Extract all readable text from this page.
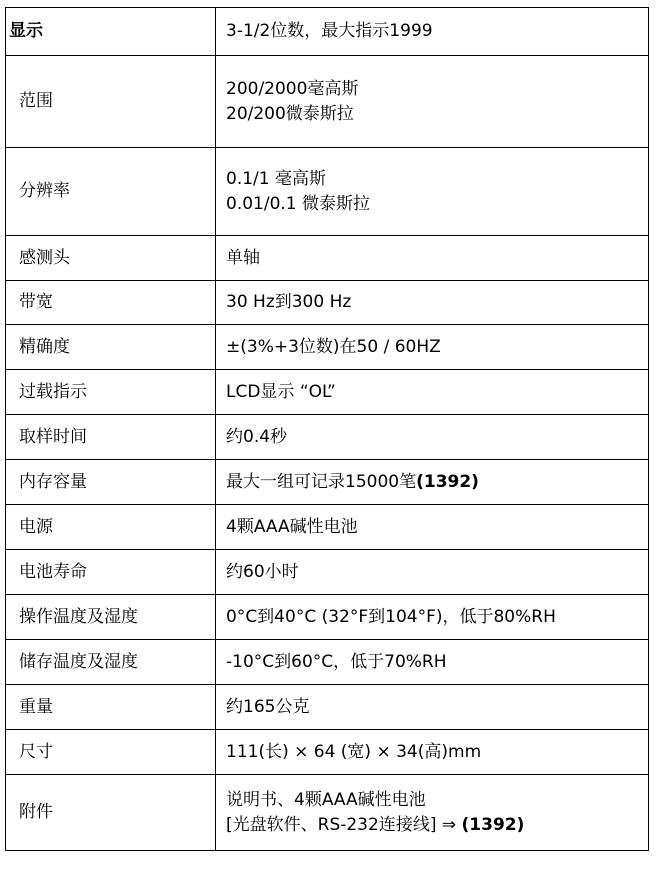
显示	3-1/2位数，最大指示1999

范围	200/2000毫高斯
20/200微泰斯拉

分辨率	0.1/1 毫高斯
0.01/0.1 微泰斯拉

感测头	单轴

带宽	30 Hz到300 Hz

精确度	±(3%+3位数)在50 / 60HZ

过载指示	LCD显示 “OL”

取样时间	约0.4秒

内存容量	最大一组可记录15000笔(1392)

电源	4颗AAA碱性电池

电池寿命	约60小时

操作温度及湿度	0°C到40°C (32°F到104°F)，低于80%RH

储存温度及湿度	-10°C到60°C，低于70%RH

重量	约165公克

尺寸	111(长) × 64 (宽) × 34(高)mm

附件	说明书、4颗AAA碱性电池
[光盘软件、RS-232连接线] ⇒ (1392)
